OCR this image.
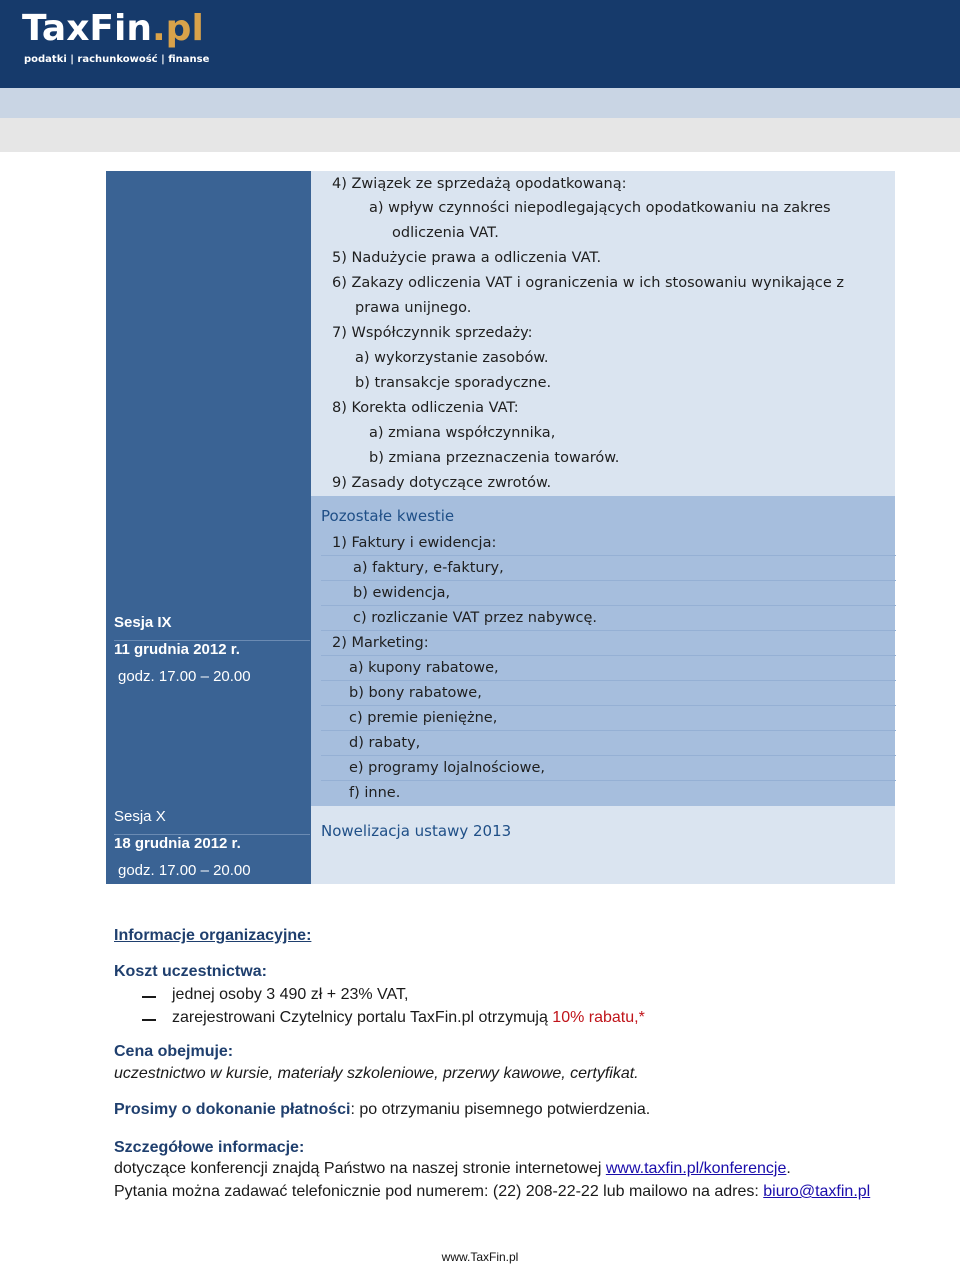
TaxFin.pl
podatki | rachunkowość | finanse
Sesja IX
11 grudnia 2012 r.
godz. 17.00 – 20.00
Sesja X
18 grudnia 2012 r.
godz. 17.00 – 20.00
4) Związek ze sprzedażą opodatkowaną:
a) wpływ czynności niepodlegających opodatkowaniu na zakres
odliczenia VAT.
5) Nadużycie prawa a odliczenia VAT.
6) Zakazy odliczenia VAT i ograniczenia w ich stosowaniu wynikające z
prawa unijnego.
7) Współczynnik sprzedaży:
a) wykorzystanie zasobów.
b) transakcje sporadyczne.
8) Korekta odliczenia VAT:
a) zmiana współczynnika,
b) zmiana przeznaczenia towarów.
9) Zasady dotyczące zwrotów.
Pozostałe kwestie
1) Faktury i ewidencja:
a) faktury, e-faktury,
b) ewidencja,
c) rozliczanie VAT przez nabywcę.
2) Marketing:
a) kupony rabatowe,
b) bony rabatowe,
c) premie pieniężne,
d) rabaty,
e) programy lojalnościowe,
f) inne.
Nowelizacja ustawy 2013
Informacje organizacyjne:
Koszt uczestnictwa:
jednej osoby 3 490 zł + 23% VAT,
zarejestrowani Czytelnicy portalu TaxFin.pl otrzymują 10% rabatu,*
Cena obejmuje:
uczestnictwo w kursie, materiały szkoleniowe, przerwy kawowe, certyfikat.
Prosimy o dokonanie płatności: po otrzymaniu pisemnego potwierdzenia.
Szczegółowe informacje:
dotyczące konferencji znajdą Państwo na naszej stronie internetowej www.taxfin.pl/konferencje.
Pytania można zadawać telefonicznie pod numerem: (22) 208-22-22 lub mailowo na adres: biuro@taxfin.pl
www.TaxFin.pl
